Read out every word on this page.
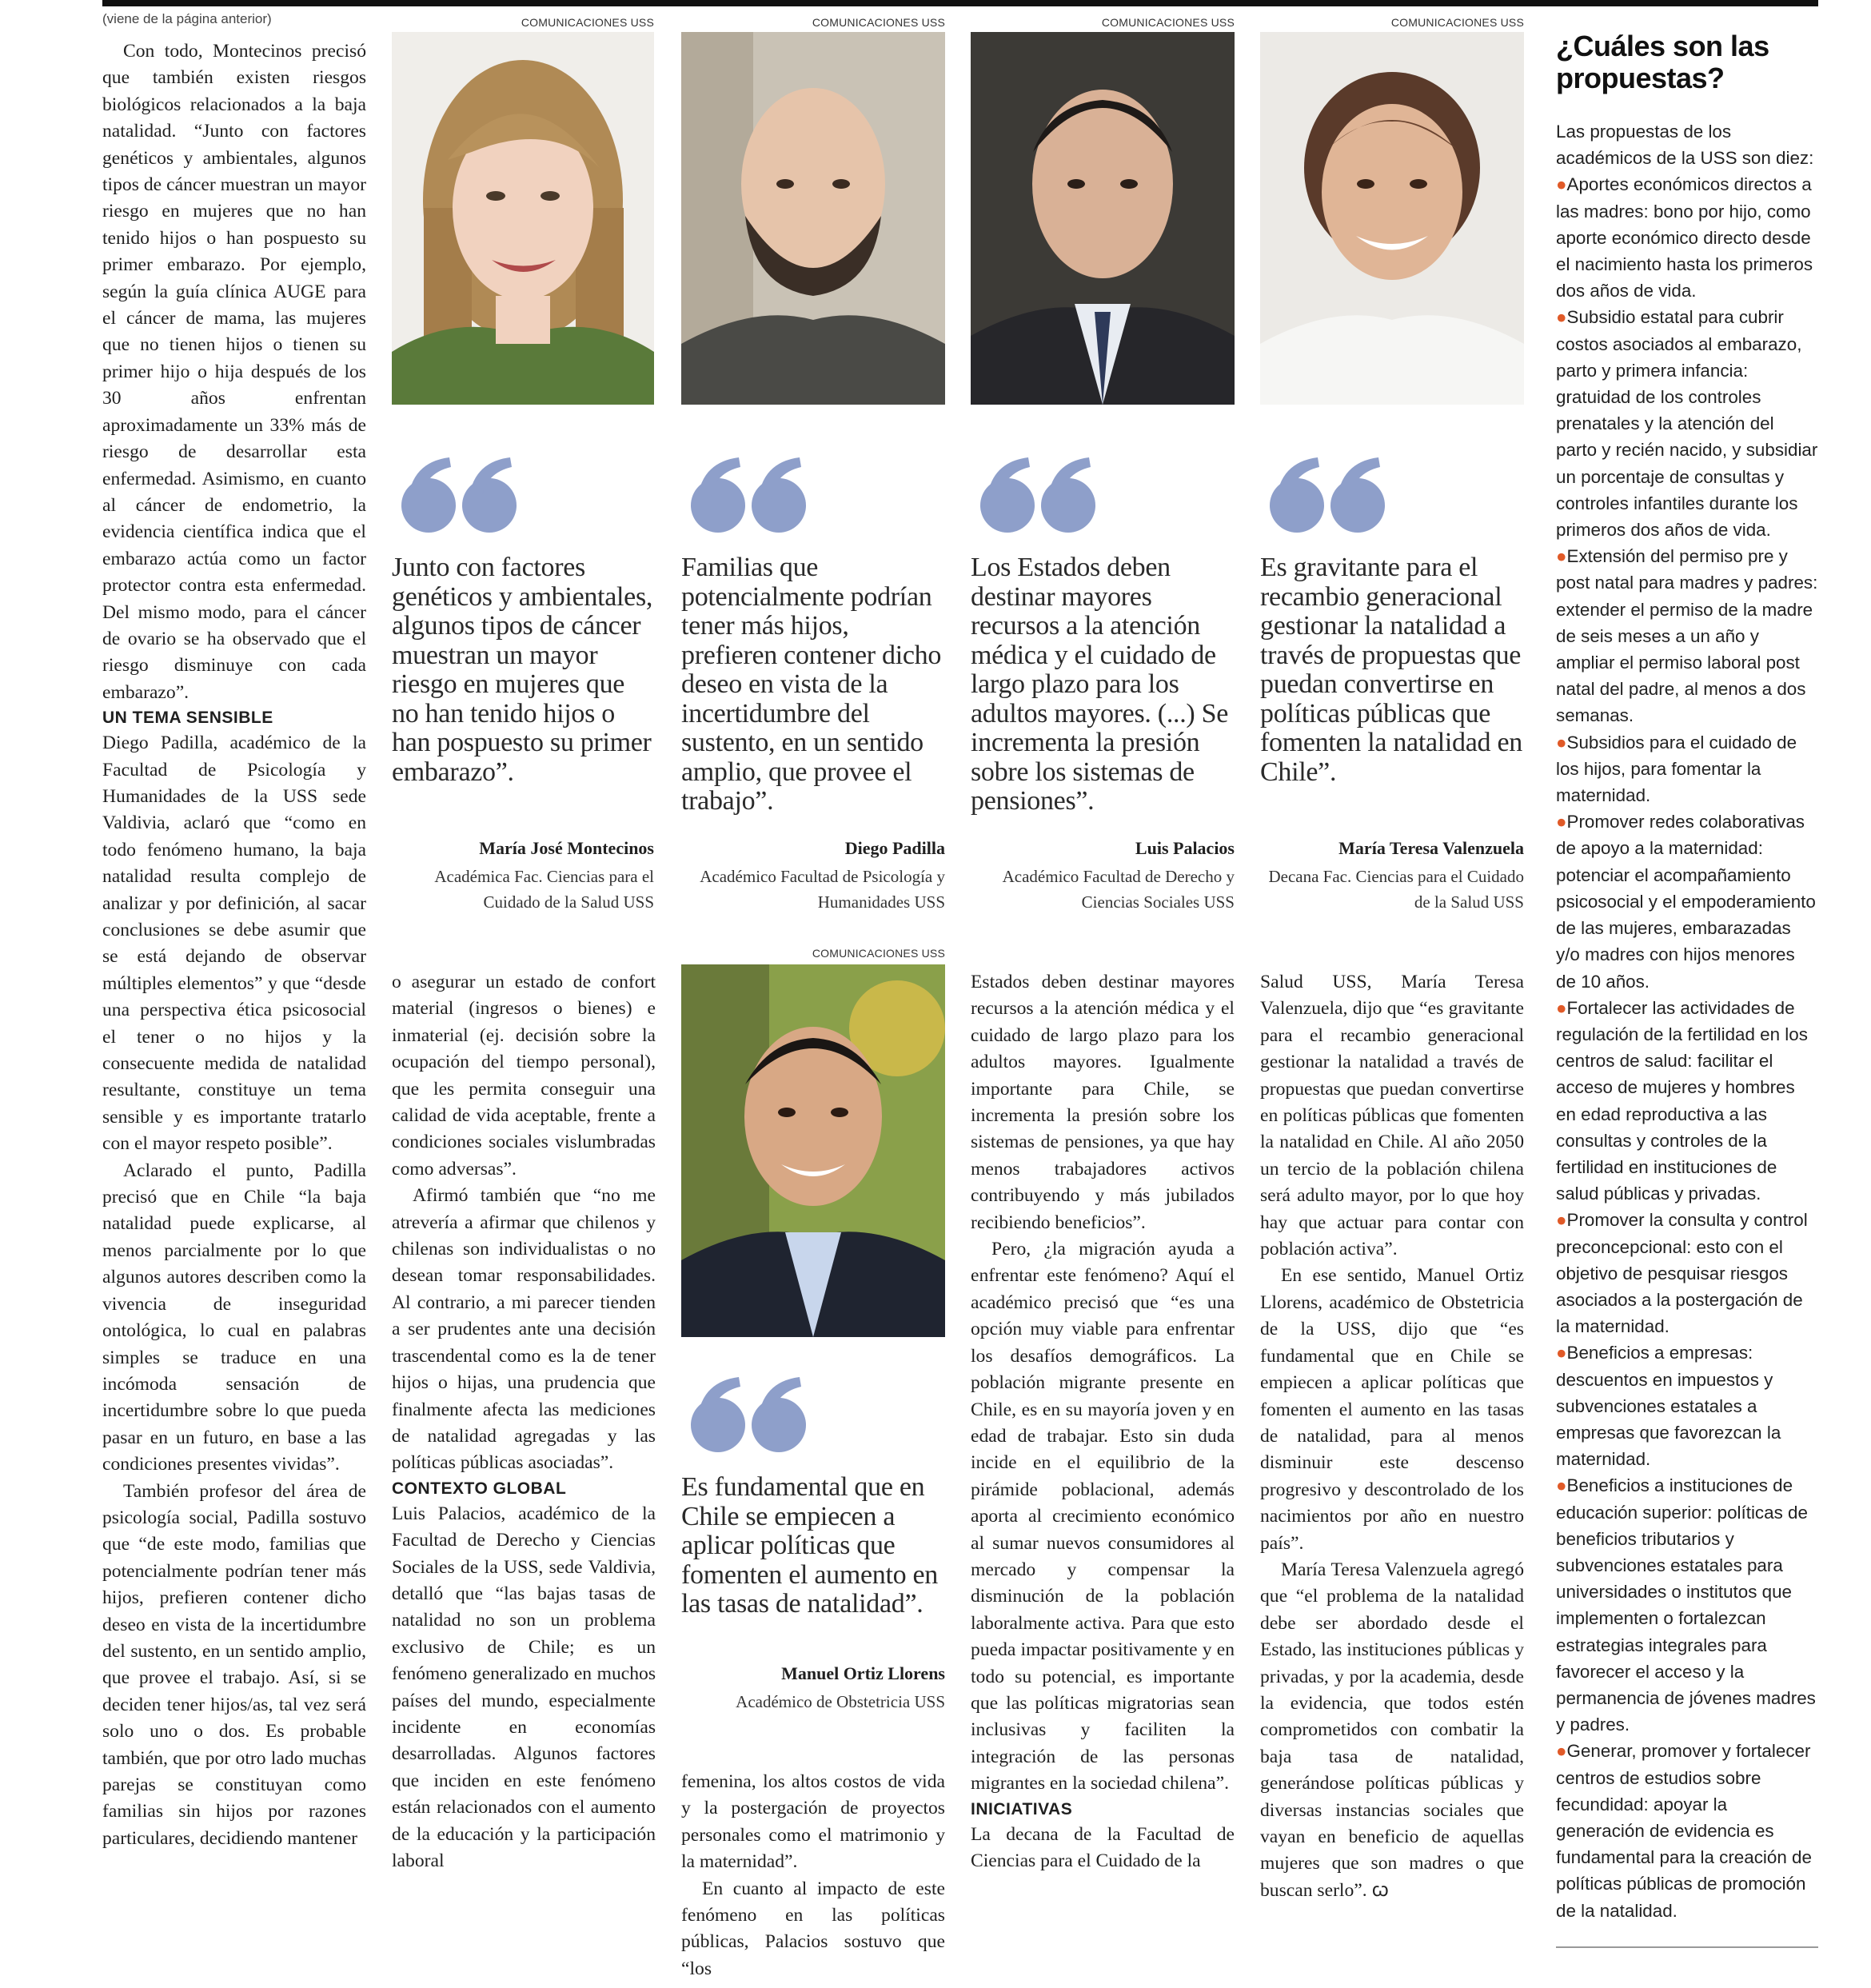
(viene de la página anterior)

Con todo, Montecinos precisó que también existen riesgos biológicos relacionados a la baja natalidad. “Junto con factores genéticos y ambientales, algunos tipos de cáncer muestran un mayor riesgo en mujeres que no han tenido hijos o han pospuesto su primer embarazo. Por ejemplo, según la guía clínica AUGE para el cáncer de mama, las mujeres que no tienen hijos o tienen su primer hijo o hija después de los 30 años enfrentan aproximadamente un 33% más de riesgo de desarrollar esta enfermedad. Asimismo, en cuanto al cáncer de endometrio, la evidencia científica indica que el embarazo actúa como un factor protector contra esta enfermedad. Del mismo modo, para el cáncer de ovario se ha observado que el riesgo disminuye con cada embarazo”.

UN TEMA SENSIBLE

Diego Padilla, académico de la Facultad de Psicología y Humanidades de la USS sede Valdivia, aclaró que “como en todo fenómeno humano, la baja natalidad resulta complejo de analizar y por definición, al sacar conclusiones se debe asumir que se está dejando de observar múltiples elementos” y que “desde una perspectiva ética psicosocial el tener o no hijos y la consecuente medida de natalidad resultante, constituye un tema sensible y es importante tratarlo con el mayor respeto posible”.

Aclarado el punto, Padilla precisó que en Chile “la baja natalidad puede explicarse, al menos parcialmente por lo que algunos autores describen como la vivencia de inseguridad ontológica, lo cual en palabras simples se traduce en una incómoda sensación de incertidumbre sobre lo que pueda pasar en un futuro, en base a las condiciones presentes vividas”.

También profesor del área de psicología social, Padilla sostuvo que “de este modo, familias que potencialmente podrían tener más hijos, prefieren contener dicho deseo en vista de la incertidumbre del sustento, en un sentido amplio, que provee el trabajo. Así, si se deciden tener hijos/as, tal vez será solo uno o dos. Es probable también, que por otro lado muchas parejas se constituyan como familias sin hijos por razones particulares, decidiendo mantener

COMUNICACIONES USS	COMUNICACIONES USS	COMUNICACIONES USS	COMUNICACIONES USS
COMUNICACIONES USS
Junto con factores genéticos y ambientales, algunos tipos de cáncer muestran un mayor riesgo en mujeres que no han tenido hijos o han pospuesto su primer embarazo”.
Familias que potencialmente podrían tener más hijos, prefieren contener dicho deseo en vista de la incertidumbre del sustento, en un sentido amplio, que provee el trabajo”.
Los Estados deben destinar mayores recursos a la atención médica y el cuidado de largo plazo para los adultos mayores. (...) Se incrementa la presión sobre los sistemas de pensiones”.
Es gravitante para el recambio generacional gestionar la natalidad a través de propuestas que puedan convertirse en políticas públicas que fomenten la natalidad en Chile”.
Es fundamental que en Chile se empiecen a aplicar políticas que fomenten el aumento en las tasas de natalidad”.
María José Montecinos
Académica Fac. Ciencias para el Cuidado de la Salud USS
Diego Padilla
Académico Facultad de Psicología y Humanidades USS
Luis Palacios
Académico Facultad de Derecho y Ciencias Sociales USS
María Teresa Valenzuela
Decana Fac. Ciencias para el Cuidado de la Salud USS
Manuel Ortiz Llorens
Académico de Obstetricia USS

o asegurar un estado de confort material (ingresos o bienes) e inmaterial (ej. decisión sobre la ocupación del tiempo personal), que les permita conseguir una calidad de vida aceptable, frente a condiciones sociales vislumbradas como adversas”.

Afirmó también que “no me atrevería a afirmar que chilenos y chilenas son individualistas o no desean tomar responsabilidades. Al contrario, a mi parecer tienden a ser prudentes ante una decisión trascendental como es la de tener hijos o hijas, una prudencia que finalmente afecta las mediciones de natalidad agregadas y las políticas públicas asociadas”.

CONTEXTO GLOBAL

Luis Palacios, académico de la Facultad de Derecho y Ciencias Sociales de la USS, sede Valdivia, detalló que “las bajas tasas de natalidad no son un problema exclusivo de Chile; es un fenómeno generalizado en muchos países del mundo, especialmente incidente en economías desarrolladas. Algunos factores que inciden en este fenómeno están relacionados con el aumento de la educación y la participación laboral

femenina, los altos costos de vida y la postergación de proyectos personales como el matrimonio y la maternidad”.

En cuanto al impacto de este fenómeno en las políticas públicas, Palacios sostuvo que “los

Estados deben destinar mayores recursos a la atención médica y el cuidado de largo plazo para los adultos mayores. Igualmente importante para Chile, se incrementa la presión sobre los sistemas de pensiones, ya que hay menos trabajadores activos contribuyendo y más jubilados recibiendo beneficios”.

Pero, ¿la migración ayuda a enfrentar este fenómeno? Aquí el académico precisó que “es una opción muy viable para enfrentar los desafíos demográficos. La población migrante presente en Chile, es en su mayoría joven y en edad de trabajar. Esto sin duda incide en el equilibrio de la pirámide poblacional, además aporta al crecimiento económico al sumar nuevos consumidores al mercado y compensar la disminución de la población laboralmente activa. Para que esto pueda impactar positivamente y en todo su potencial, es importante que las políticas migratorias sean inclusivas y faciliten la integración de las personas migrantes en la sociedad chilena”.

INICIATIVAS

La decana de la Facultad de Ciencias para el Cuidado de la

Salud USS, María Teresa Valenzuela, dijo que “es gravitante para el recambio generacional gestionar la natalidad a través de propuestas que puedan convertirse en políticas públicas que fomenten la natalidad en Chile. Al año 2050 un tercio de la población chilena será adulto mayor, por lo que hoy hay que actuar para contar con población activa”.

En ese sentido, Manuel Ortiz Llorens, académico de Obstetricia de la USS, dijo que “es fundamental que en Chile se empiecen a aplicar políticas que fomenten el aumento en las tasas de natalidad, para al menos disminuir este descenso progresivo y descontrolado de los nacimientos por año en nuestro país”.

María Teresa Valenzuela agregó que “el problema de la natalidad debe ser abordado desde el Estado, las instituciones públicas y privadas, y por la academia, desde la evidencia, que todos estén comprometidos con combatir la baja tasa de natalidad, generándose políticas públicas y diversas instancias sociales que vayan en beneficio de aquellas mujeres que son madres o que buscan serlo”. ꞷ

¿Cuáles son las propuestas?

Las propuestas de los académicos de la USS son diez:

●Aportes económicos directos a las madres: bono por hijo, como aporte económico directo desde el nacimiento hasta los primeros dos años de vida.

●Subsidio estatal para cubrir costos asociados al embarazo, parto y primera infancia: gratuidad de los controles prenatales y la atención del parto y recién nacido, y subsidiar un porcentaje de consultas y controles infantiles durante los primeros dos años de vida.

●Extensión del permiso pre y post natal para madres y padres: extender el permiso de la madre de seis meses a un año y ampliar el permiso laboral post natal del padre, al menos a dos semanas.

●Subsidios para el cuidado de los hijos, para fomentar la maternidad.

●Promover redes colaborativas de apoyo a la maternidad: potenciar el acompañamiento psicosocial y el empoderamiento de las mujeres, embarazadas y/o madres con hijos menores de 10 años.

●Fortalecer las actividades de regulación de la fertilidad en los centros de salud: facilitar el acceso de mujeres y hombres en edad reproductiva a las consultas y controles de la fertilidad en instituciones de salud públicas y privadas.

●Promover la consulta y control preconcepcional: esto con el objetivo de pesquisar riesgos asociados a la postergación de la maternidad.

●Beneficios a empresas: descuentos en impuestos y subvenciones estatales a empresas que favorezcan la maternidad.

●Beneficios a instituciones de educación superior: políticas de beneficios tributarios y subvenciones estatales para universidades o institutos que implementen o fortalezcan estrategias integrales para favorecer el acceso y la permanencia de jóvenes madres y padres.

●Generar, promover y fortalecer centros de estudios sobre fecundidad: apoyar la generación de evidencia es fundamental para la creación de políticas públicas de promoción de la natalidad.
